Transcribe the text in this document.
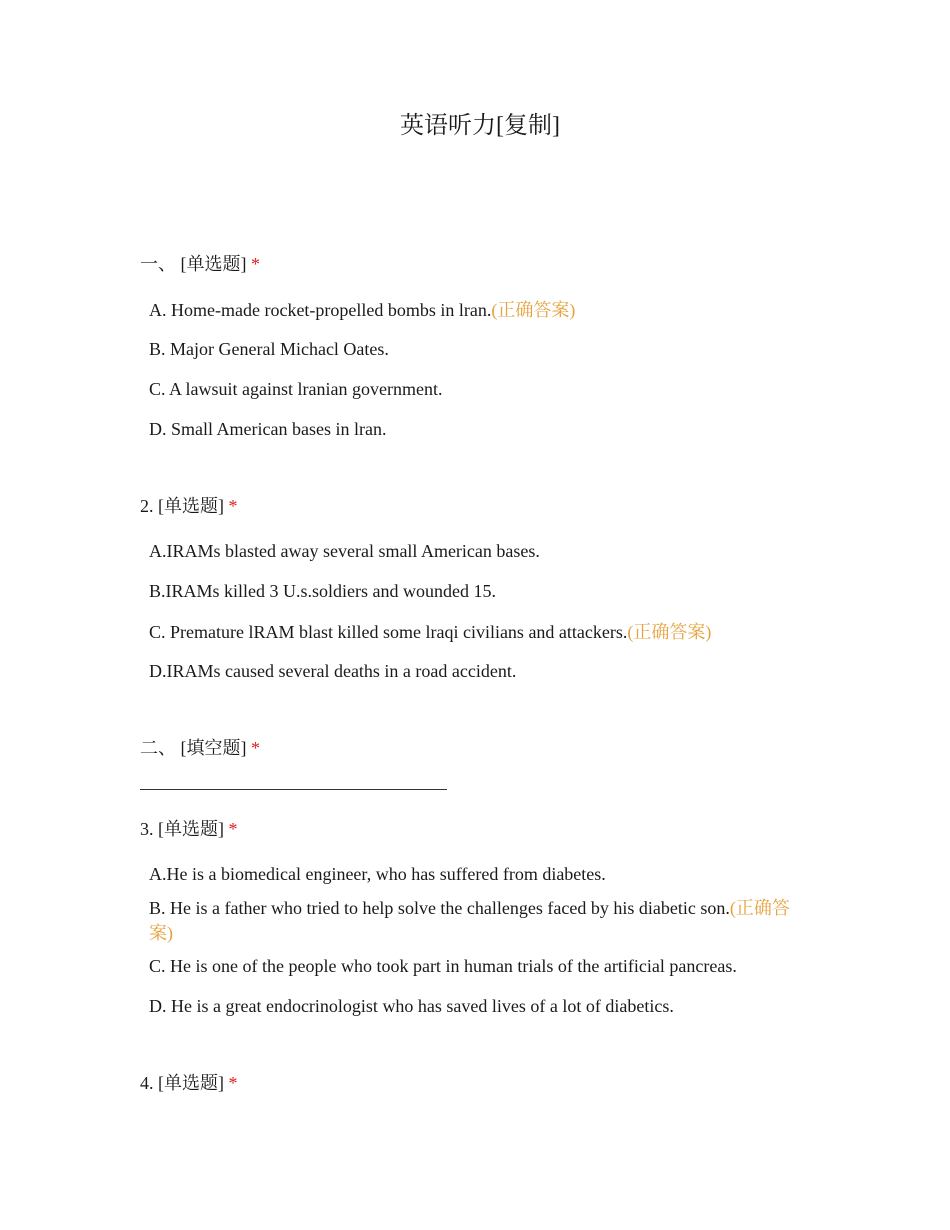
英语听力[复制]
一、 [单选题] *
A. Home-made rocket-propelled bombs in lran.(正确答案)
B. Major General Michacl Oates.
C. A lawsuit against lranian government.
D. Small American bases in lran.
2. [单选题] *
A.IRAMs blasted away several small American bases.
B.IRAMs killed 3 U.s.soldiers and wounded 15.
C. Premature lRAM blast killed some lraqi civilians and attackers.(正确答案)
D.IRAMs caused several deaths in a road accident.
二、 [填空题] *
3. [单选题] *
A.He is a biomedical engineer, who has suffered from diabetes.
B. He is a father who tried to help solve the challenges faced by his diabetic son.(正确答案)
C. He is one of the people who took part in human trials of the artificial pancreas.
D. He is a great endocrinologist who has saved lives of a lot of diabetics.
4. [单选题] *
